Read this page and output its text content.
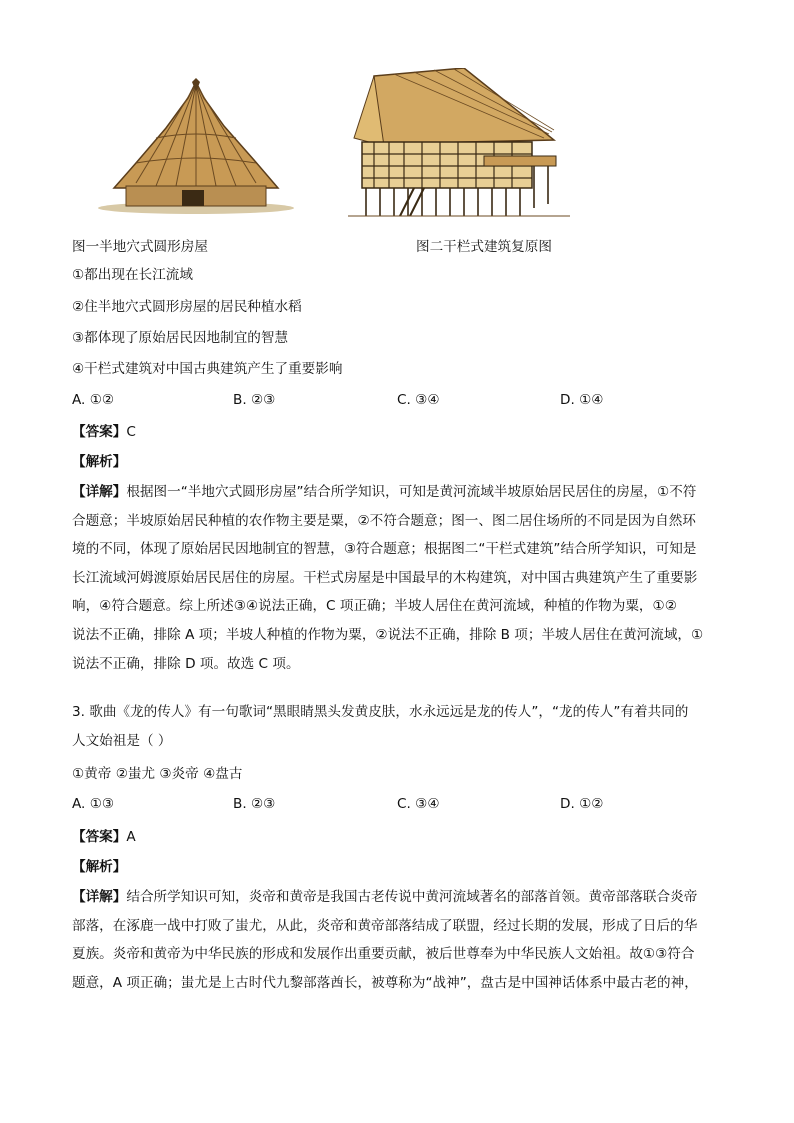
图一半地穴式圆形房屋	图二干栏式建筑复原图
①都出现在长江流域
②住半地穴式圆形房屋的居民种植水稻
③都体现了原始居民因地制宜的智慧
④干栏式建筑对中国古典建筑产生了重要影响
A. ①②	B. ②③	C. ③④	D. ①④
【答案】C
【解析】
【详解】根据图一“半地穴式圆形房屋”结合所学知识，可知是黄河流域半坡原始居民居住的房屋，①不符
合题意；半坡原始居民种植的农作物主要是粟，②不符合题意；图一、图二居住场所的不同是因为自然环
境的不同，体现了原始居民因地制宜的智慧，③符合题意；根据图二“干栏式建筑”结合所学知识，可知是
长江流域河姆渡原始居民居住的房屋。干栏式房屋是中国最早的木构建筑，对中国古典建筑产生了重要影
响，④符合题意。综上所述③④说法正确，C 项正确；半坡人居住在黄河流域，种植的作物为粟，①②
说法不正确，排除 A 项；半坡人种植的作物为粟，②说法不正确，排除 B 项；半坡人居住在黄河流域，①
说法不正确，排除 D 项。故选 C 项。
3. 歌曲《龙的传人》有一句歌词“黑眼睛黑头发黄皮肤，水永远远是龙的传人”，“龙的传人”有着共同的
人文始祖是（ ）
①黄帝 ②蚩尤 ③炎帝 ④盘古
A. ①③	B. ②③	C. ③④	D. ①②
【答案】A
【解析】
【详解】结合所学知识可知，炎帝和黄帝是我国古老传说中黄河流域著名的部落首领。黄帝部落联合炎帝
部落，在涿鹿一战中打败了蚩尤，从此，炎帝和黄帝部落结成了联盟，经过长期的发展，形成了日后的华
夏族。炎帝和黄帝为中华民族的形成和发展作出重要贡献，被后世尊奉为中华民族人文始祖。故①③符合
题意，A 项正确；蚩尤是上古时代九黎部落酋长，被尊称为“战神”，盘古是中国神话体系中最古老的神，
